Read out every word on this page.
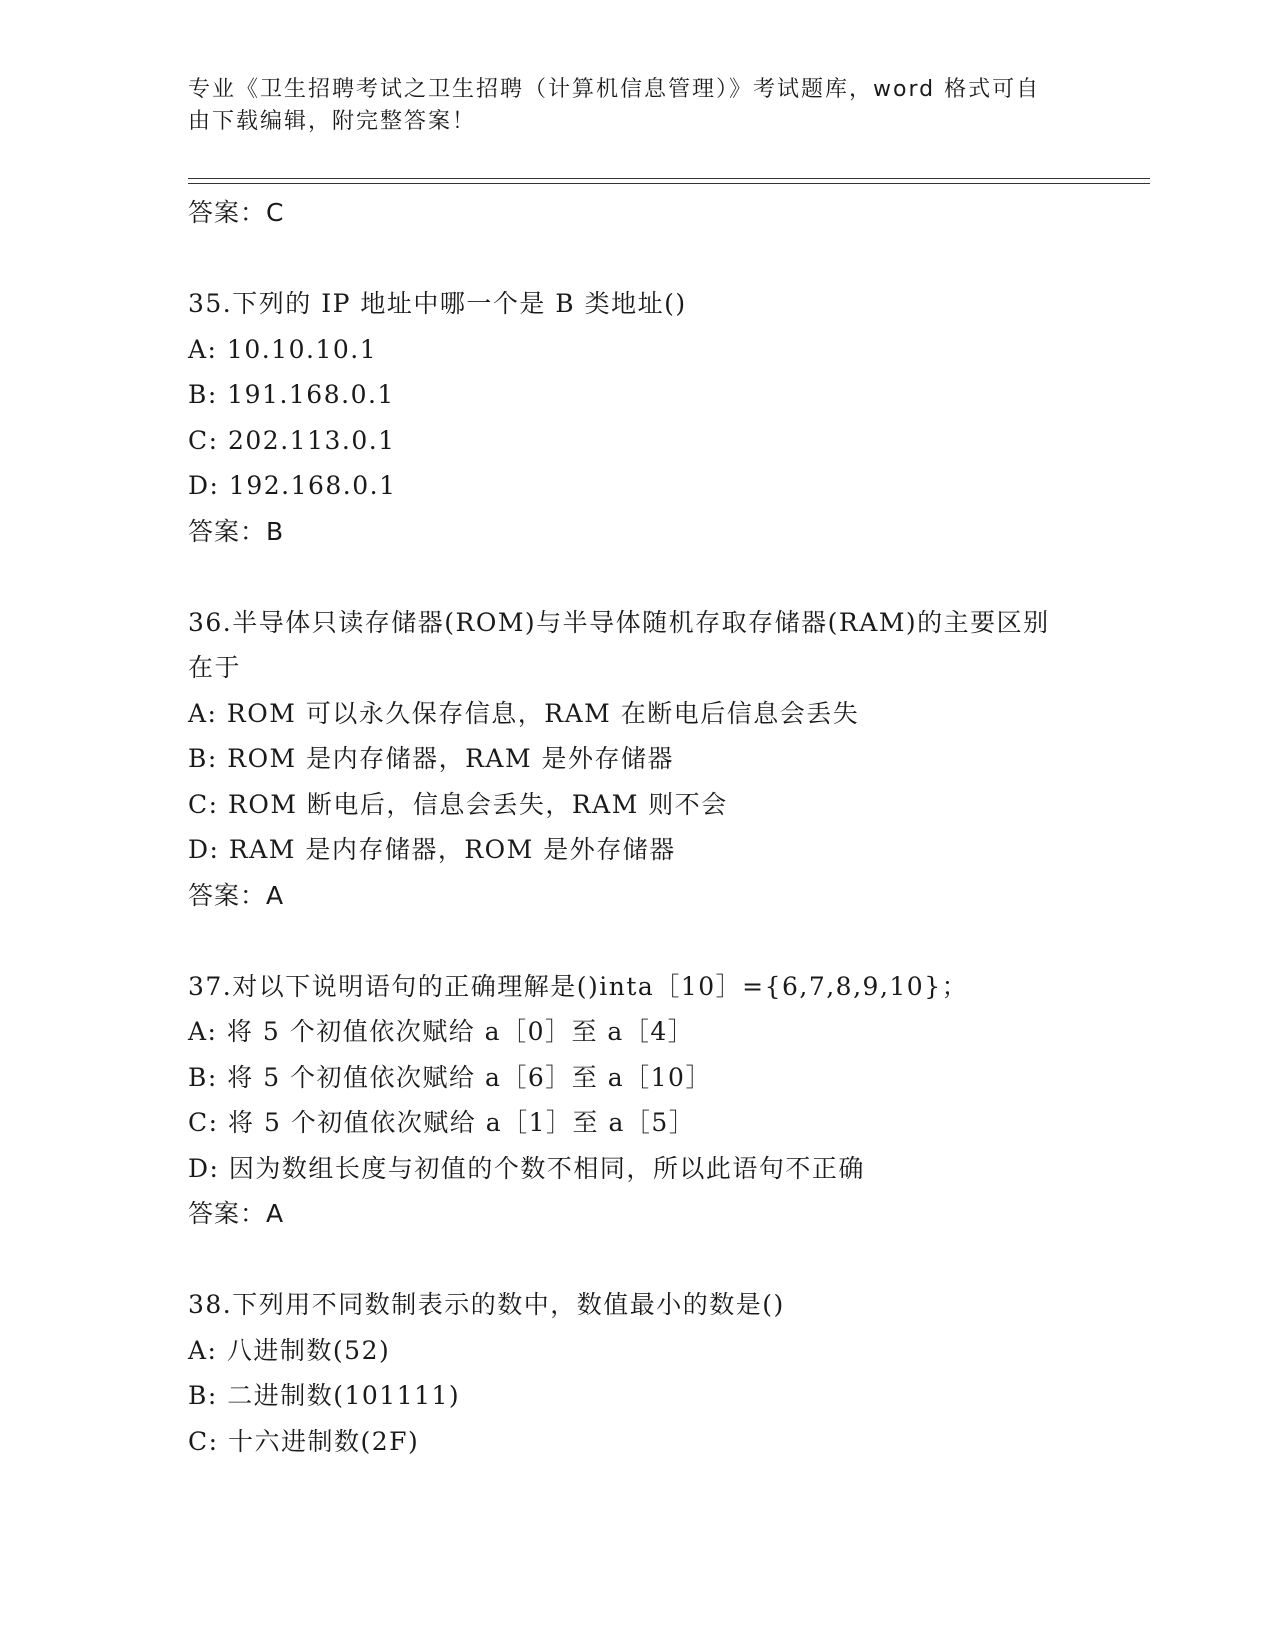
专业《卫生招聘考试之卫生招聘（计算机信息管理）》考试题库，word 格式可自
由下载编辑，附完整答案！
答案：C
35.下列的 IP 地址中哪一个是 B 类地址()
A: 10.10.10.1
B: 191.168.0.1
C: 202.113.0.1
D: 192.168.0.1
答案：B
36.半导体只读存储器(ROM)与半导体随机存取存储器(RAM)的主要区别
在于
A: ROM 可以永久保存信息，RAM 在断电后信息会丢失
B: ROM 是内存储器，RAM 是外存储器
C: ROM 断电后，信息会丢失，RAM 则不会
D: RAM 是内存储器，ROM 是外存储器
答案：A
37.对以下说明语句的正确理解是()inta［10］={6,7,8,9,10}；
A: 将 5 个初值依次赋给 a［0］至 a［4］
B: 将 5 个初值依次赋给 a［6］至 a［10］
C: 将 5 个初值依次赋给 a［1］至 a［5］
D: 因为数组长度与初值的个数不相同，所以此语句不正确
答案：A
38.下列用不同数制表示的数中，数值最小的数是()
A: 八进制数(52)
B: 二进制数(101111)
C: 十六进制数(2F)
